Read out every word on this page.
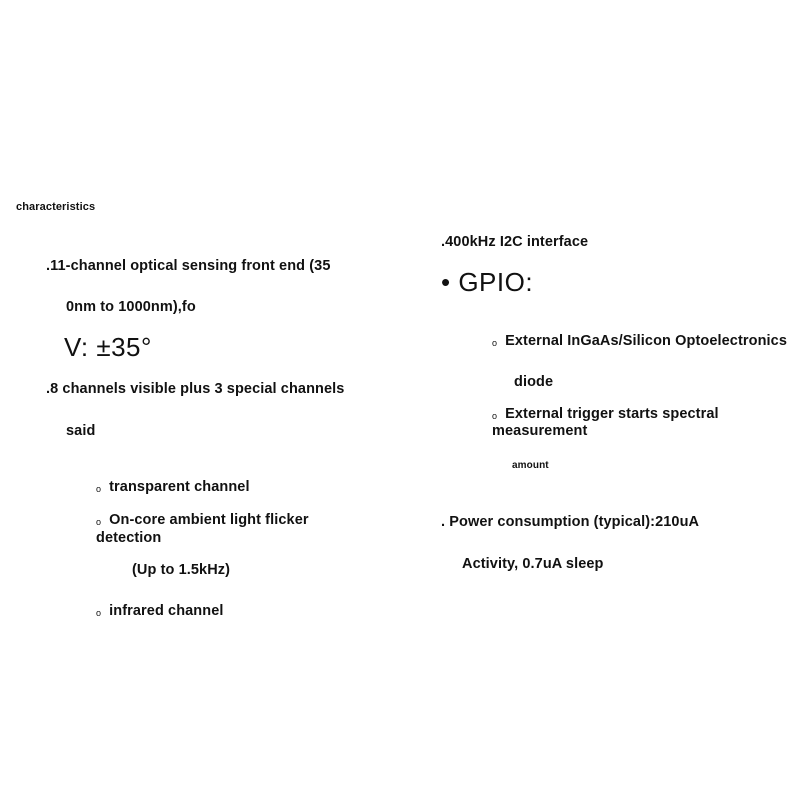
characteristics
.11-channel optical sensing front end (35
0nm to 1000nm),fo
V: ±35°
.8 channels visible plus 3 special channels
said
o transparent channel
o On-core ambient light flicker
detection
(Up to 1.5kHz)
o infrared channel
.400kHz I2C interface
• GPIO:
o External InGaAs/Silicon Optoelectronics
diode
o External trigger starts spectral
measurement
amount
. Power consumption (typical):210uA
Activity, 0.7uA sleep
